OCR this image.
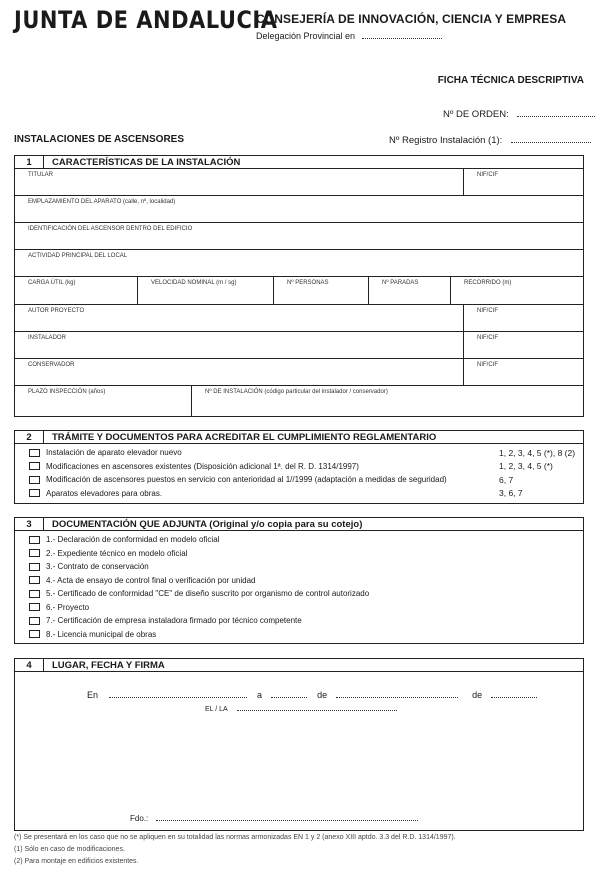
JUNTA DE ANDALUCIA
CONSEJERÍA DE INNOVACIÓN, CIENCIA Y EMPRESA
Delegación Provincial en
FICHA TÉCNICA DESCRIPTIVA
Nº DE ORDEN:
INSTALACIONES DE ASCENSORES	Nº Registro Instalación (1):
1	CARACTERÍSTICAS DE LA INSTALACIÓN
TITULAR	NIF/CIF
EMPLAZAMIENTO DEL APARATO (calle, nº, localidad)
IDENTIFICACIÓN DEL ASCENSOR DENTRO DEL EDIFICIO
ACTIVIDAD PRINCIPAL DEL LOCAL
CARGA ÚTIL (kg)	VELOCIDAD NOMINAL (m / sg)	Nº PERSONAS	Nº PARADAS	RECORRIDO (m)
AUTOR PROYECTO	NIF/CIF
INSTALADOR	NIF/CIF
CONSERVADOR	NIF/CIF
PLAZO INSPECCIÓN (años)	Nº DE INSTALACIÓN (código particular del instalador / conservador)
2	TRÁMITE Y DOCUMENTOS PARA ACREDITAR EL CUMPLIMIENTO REGLAMENTARIO
Instalación de aparato elevador nuevo	1, 2, 3, 4, 5 (*), 8 (2)
Modificaciones en ascensores existentes (Disposición adicional 1ª. del R. D. 1314/1997)	1, 2, 3, 4, 5 (*)
Modificación de ascensores puestos en servicio con anterioridad al 1//1999 (adaptación a medidas de seguridad)	6, 7
Aparatos elevadores para obras.	3, 6, 7
3	DOCUMENTACIÓN QUE ADJUNTA (Original y/o copia para su cotejo)
1.- Declaración de conformidad en modelo oficial
2.- Expediente técnico en modelo oficial
3.- Contrato de conservación
4.- Acta de ensayo de control final o verificación por unidad
5.- Certificado de conformidad "CE" de diseño suscrito por organismo de control autorizado
6.- Proyecto
7.- Certificación de empresa instaladora firmado por técnico competente
8.- Licencia municipal de obras
4	LUGAR, FECHA Y FIRMA
En	a	de	de
EL / LA
Fdo.:
(*) Se presentará en los caso que no se apliquen en su totalidad las normas armonizadas EN 1 y 2 (anexo XIII aptdo. 3.3 del R.D. 1314/1997).
(1) Sólo en caso de modificaciones.
(2) Para montaje en edificios existentes.
